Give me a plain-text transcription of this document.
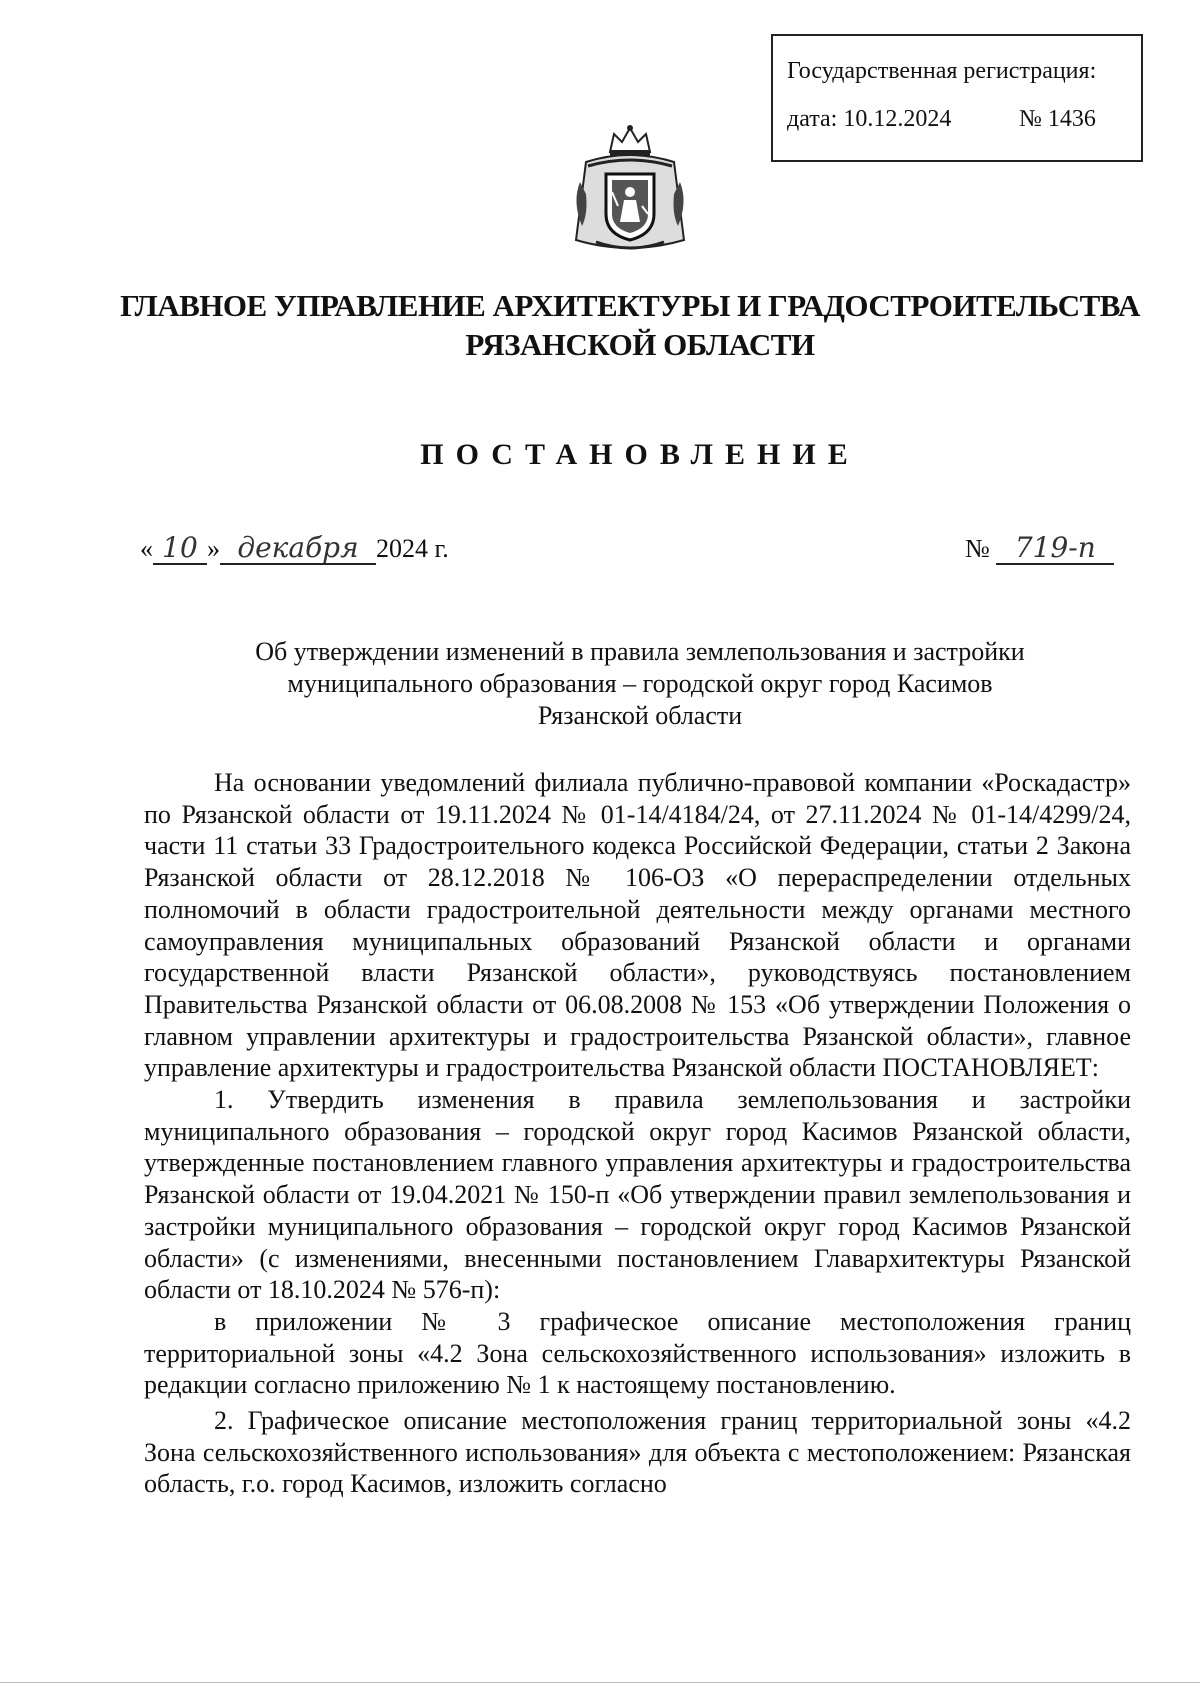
Государственная регистрация:
дата: 10.12.2024	№ 1436
ГЛАВНОЕ УПРАВЛЕНИЕ АРХИТЕКТУРЫ И ГРАДОСТРОИТЕЛЬСТВА
РЯЗАНСКОЙ ОБЛАСТИ
ПОСТАНОВЛЕНИЕ
« 10 » декабря 2024 г.	№ 719-п
Об утверждении изменений в правила землепользования и застройки
муниципального образования – городской округ город Касимов
Рязанской области

На основании уведомлений филиала публично-правовой компании «Роскадастр» по Рязанской области от 19.11.2024 № 01-14/4184/24, от 27.11.2024 № 01-14/4299/24, части 11 статьи 33 Градостроительного кодекса Российской Федерации, статьи 2 Закона Рязанской области от 28.12.2018 № 106-ОЗ «О перераспределении отдельных полномочий в области градостроительной деятельности между органами местного самоуправления муниципальных образований Рязанской области и органами государственной власти Рязанской области», руководствуясь постановлением Правительства Рязанской области от 06.08.2008 № 153 «Об утверждении Положения о главном управлении архитектуры и градостроительства Рязанской области», главное управление архитектуры и градостроительства Рязанской области ПОСТАНОВЛЯЕТ:

1. Утвердить изменения в правила землепользования и застройки муниципального образования – городской округ город Касимов Рязанской области, утвержденные постановлением главного управления архитектуры и градостроительства Рязанской области от 19.04.2021 № 150-п «Об утверждении правил землепользования и застройки муниципального образования – городской округ город Касимов Рязанской области» (с изменениями, внесенными постановлением Главархитектуры Рязанской области от 18.10.2024 № 576-п):

в приложении № 3 графическое описание местоположения границ территориальной зоны «4.2 Зона сельскохозяйственного использования» изложить в редакции согласно приложению № 1 к настоящему постановлению.

2. Графическое описание местоположения границ территориальной зоны «4.2 Зона сельскохозяйственного использования» для объекта с местоположением: Рязанская область, г.о. город Касимов, изложить согласно
